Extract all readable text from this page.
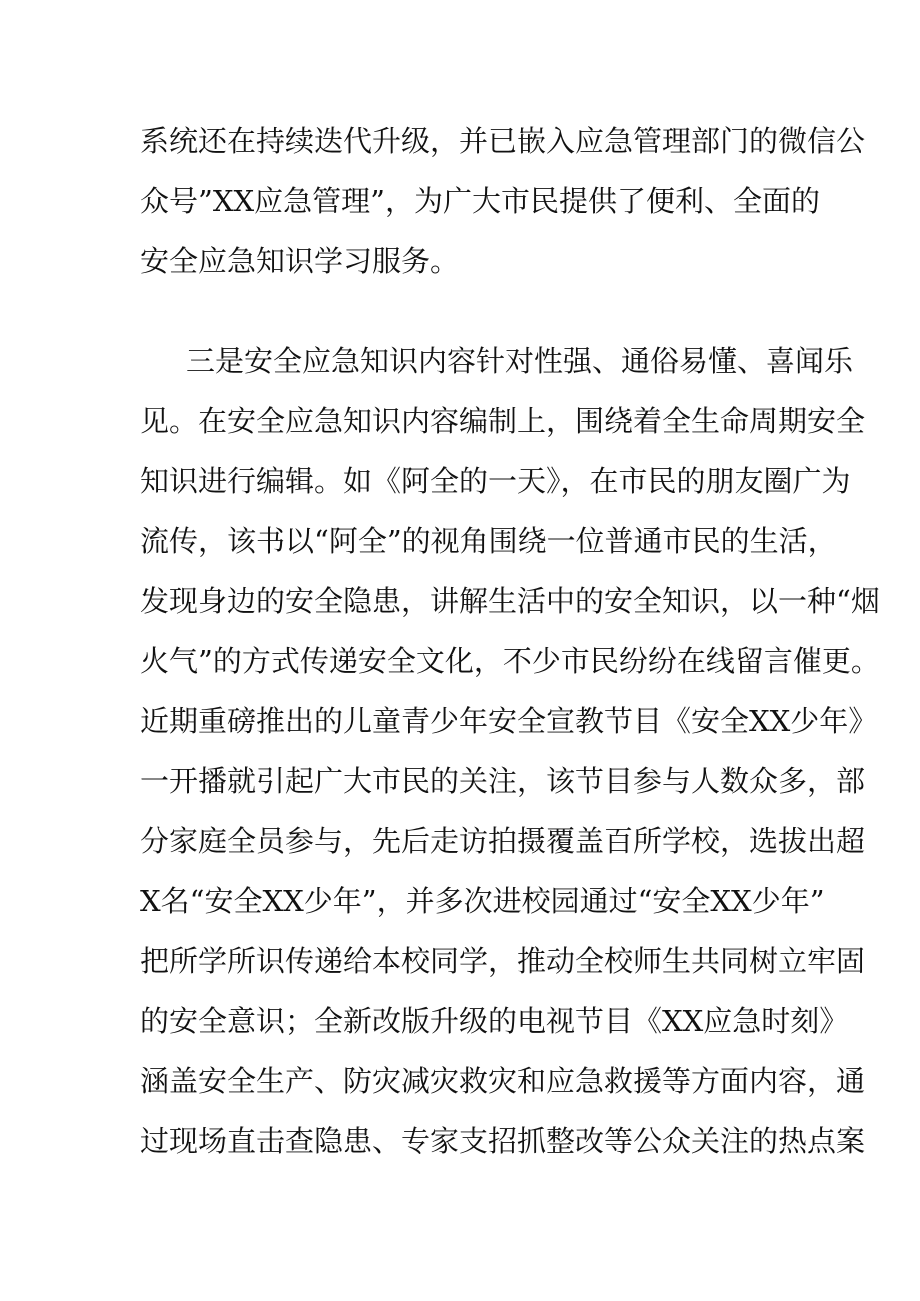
系统还在持续迭代升级，并已嵌入应急管理部门的微信公
众号”XX应急管理”，为广大市民提供了便利、全面的
安全应急知识学习服务。
三是安全应急知识内容针对性强、通俗易懂、喜闻乐
见。在安全应急知识内容编制上，围绕着全生命周期安全
知识进行编辑。如《阿全的一天》，在市民的朋友圈广为
流传，该书以“阿全”的视角围绕一位普通市民的生活，
发现身边的安全隐患，讲解生活中的安全知识，以一种“烟
火气”的方式传递安全文化，不少市民纷纷在线留言催更。
近期重磅推出的儿童青少年安全宣教节目《安全XX少年》
一开播就引起广大市民的关注，该节目参与人数众多，部
分家庭全员参与，先后走访拍摄覆盖百所学校，选拔出超
X名“安全XX少年”，并多次进校园通过“安全XX少年”
把所学所识传递给本校同学，推动全校师生共同树立牢固
的安全意识；全新改版升级的电视节目《XX应急时刻》
涵盖安全生产、防灾减灾救灾和应急救援等方面内容，通
过现场直击查隐患、专家支招抓整改等公众关注的热点案
